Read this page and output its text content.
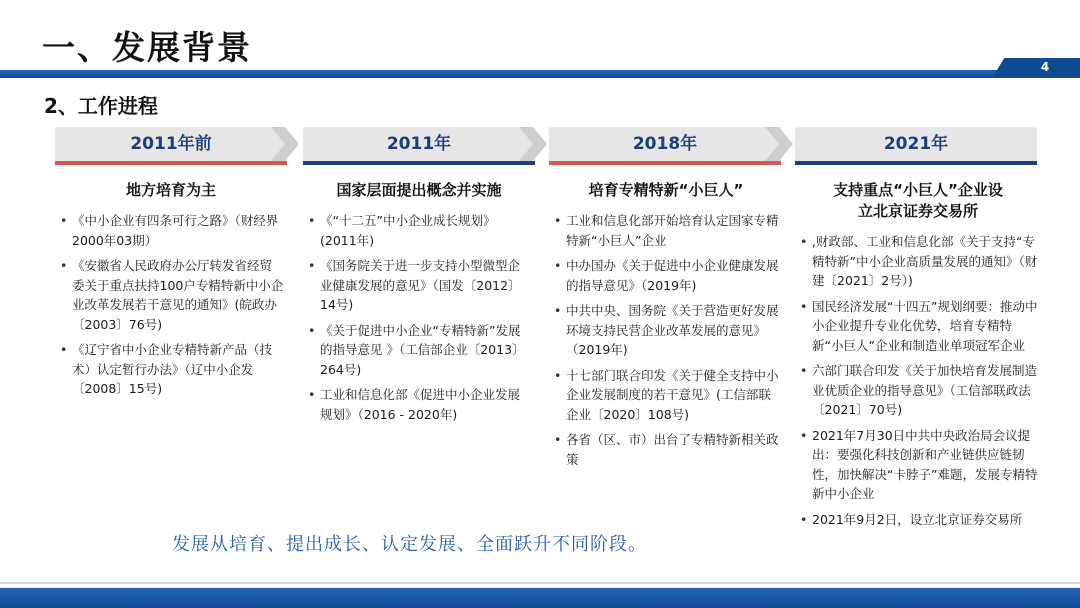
一、发展背景	4
2、工作进程
2011年前	2011年	2018年	2021年
地方培育为主
• 《中小企业有四条可行之路》（财经界 2000年03期）
• 《安徽省人民政府办公厅转发省经贸委关于重点扶持100户专精特新中小企业改革发展若干意见的通知》(皖政办〔2003〕76号)
• 《辽宁省中小企业专精特新产品（技术）认定暂行办法》（辽中小企发〔2008〕15号)
国家层面提出概念并实施
• 《“十二五”中小企业成长规划》(2011年)
• 《国务院关于进一步支持小型微型企业健康发展的意见》（国发〔2012〕14号)
• 《关于促进中小企业“专精特新”发展的指导意见 》（工信部企业〔2013〕264号)
• 工业和信息化部《促进中小企业发展规划》（2016 - 2020年)
培育专精特新“小巨人”
• 工业和信息化部开始培育认定国家专精特新“小巨人”企业
• 中办国办《关于促进中小企业健康发展的指导意见》（2019年)
• 中共中央、国务院《关于营造更好发展环境支持民营企业改革发展的意见》（2019年)
• 十七部门联合印发《关于健全支持中小企业发展制度的若干意见》(工信部联企业〔2020〕108号)
• 各省（区、市）出台了专精特新相关政策
支持重点“小巨人”企业设立北京证券交易所
• ,财政部、工业和信息化部《关于支持“专精特新”中小企业高质量发展的通知》（财建〔2021〕2号）)
• 国民经济发展“十四五”规划纲要：推动中小企业提升专业化优势，培育专精特新“小巨人”企业和制造业单项冠军企业
• 六部门联合印发《关于加快培育发展制造业优质企业的指导意见》（工信部联政法〔2021〕70号)
• 2021年7月30日中共中央政治局会议提出：要强化科技创新和产业链供应链韧性，加快解决“卡脖子”难题，发展专精特新中小企业
• 2021年9月2日，设立北京证券交易所
发展从培育、提出成长、认定发展、全面跃升不同阶段。
